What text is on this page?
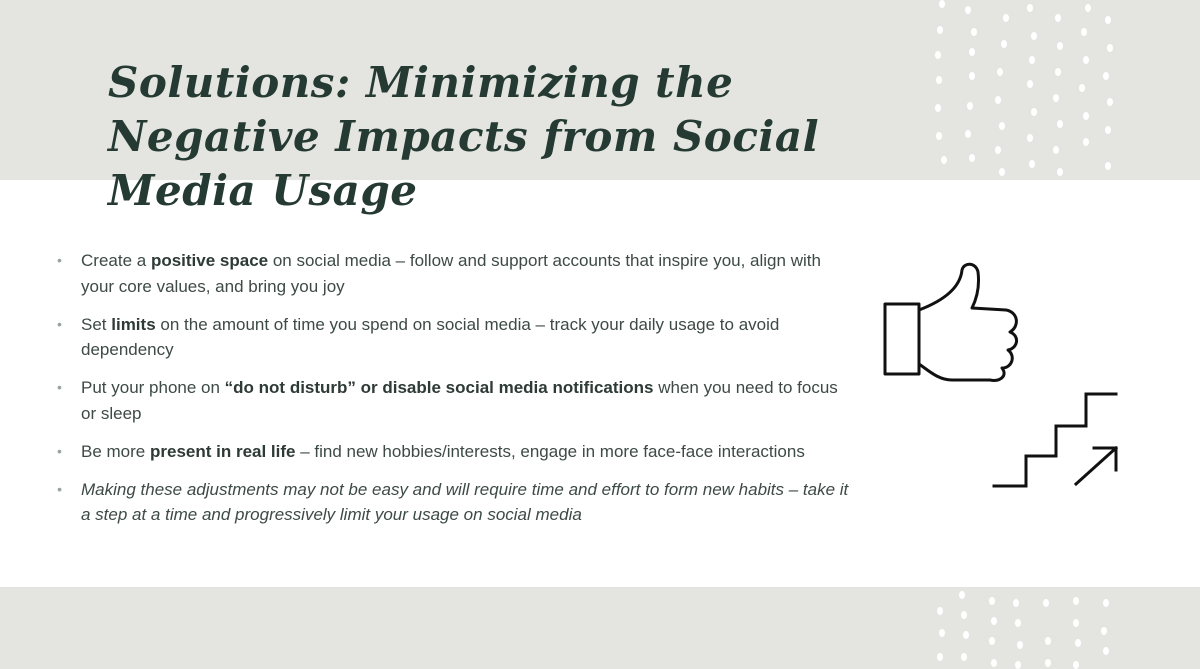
Solutions: Minimizing the Negative Impacts from Social Media Usage
• Create a positive space on social media – follow and support accounts that inspire you, align with your core values, and bring you joy
• Set limits on the amount of time you spend on social media – track your daily usage to avoid dependency
• Put your phone on “do not disturb” or disable social media notifications when you need to focus or sleep
• Be more present in real life – find new hobbies/interests, engage in more face-face interactions
• Making these adjustments may not be easy and will require time and effort to form new habits – take it a step at a time and progressively limit your usage on social media
